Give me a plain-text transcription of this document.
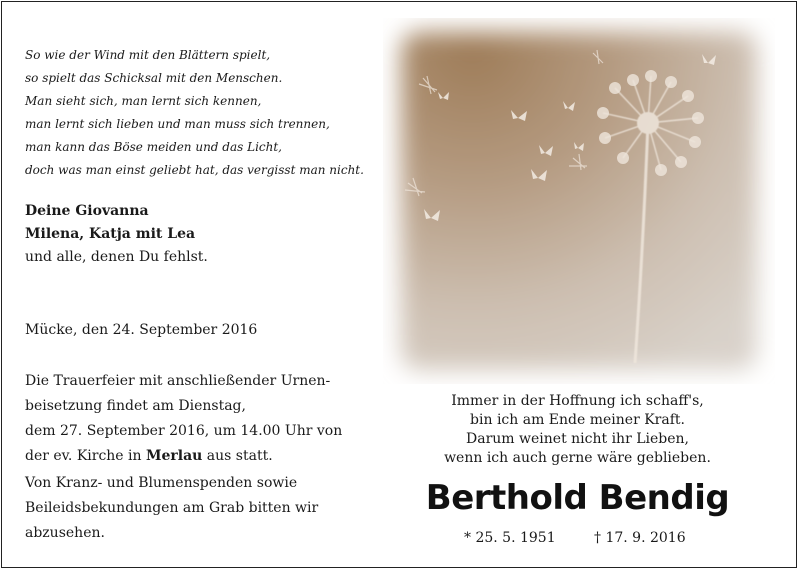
So wie der Wind mit den Blättern spielt,
so spielt das Schicksal mit den Menschen.
Man sieht sich, man lernt sich kennen,
man lernt sich lieben und man muss sich trennen,
man kann das Böse meiden und das Licht,
doch was man einst geliebt hat, das vergisst man nicht.
Deine Giovanna
Milena, Katja mit Lea
und alle, denen Du fehlst.
Mücke, den 24. September 2016
Die Trauerfeier mit anschließender Urnen-
beisetzung findet am Dienstag,
dem 27. September 2016, um 14.00 Uhr von
der ev. Kirche in Merlau aus statt.
Von Kranz- und Blumenspenden sowie
Beileidsbekundungen am Grab bitten wir
abzusehen.
Immer in der Hoffnung ich schaff's,
bin ich am Ende meiner Kraft.
Darum weinet nicht ihr Lieben,
wenn ich auch gerne wäre geblieben.
Berthold Bendig
* 25. 5. 1951	† 17. 9. 2016
